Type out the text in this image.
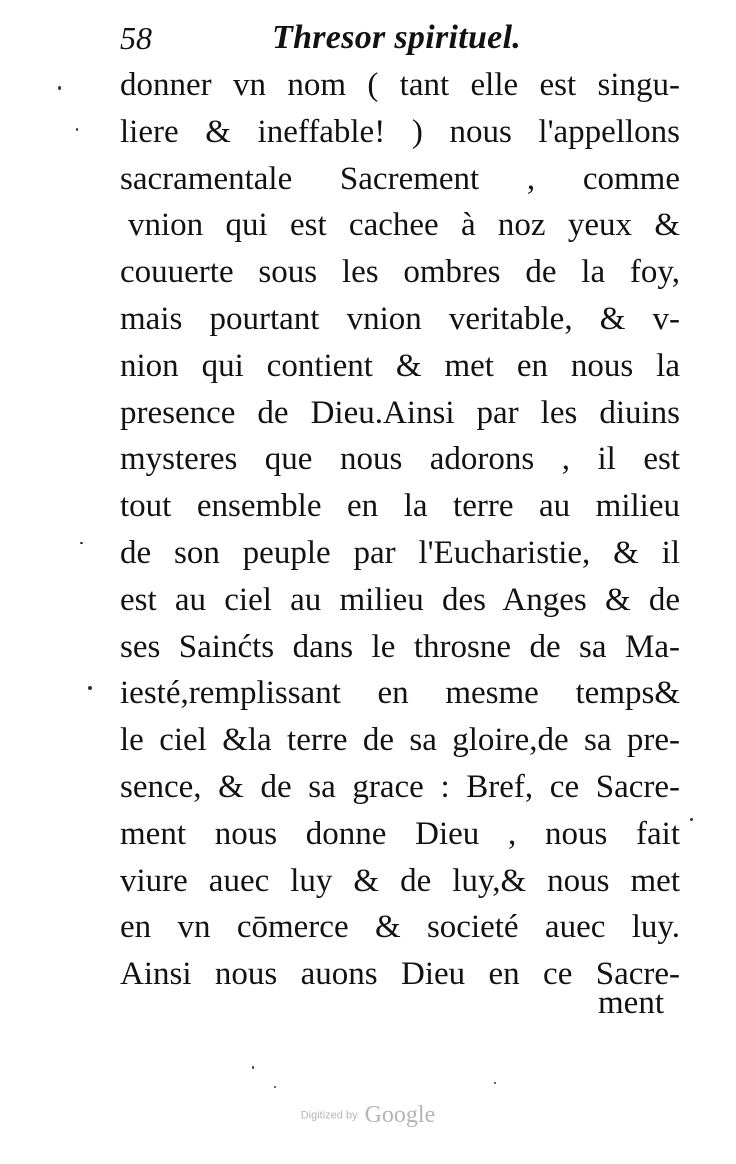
58	Thresor spirituel.
donner vn nom ( tant elle est singu-
liere & ineffable! ) nous l'appellons
sacramentale Sacrement , comme
vnion qui est cachee à noz yeux &
couuerte sous les ombres de la foy,
mais pourtant vnion veritable, & v-
nion qui contient & met en nous la
presence de Dieu.Ainsi par les diuins
mysteres que nous adorons , il est
tout ensemble en la terre au milieu
de son peuple par l'Eucharistie, & il
est au ciel au milieu des Anges & de
ses Sainćts dans le throsne de sa Ma-
iesté,remplissant en mesme temps&
le ciel &la terre de sa gloire,de sa pre-
sence, & de sa grace : Bref, ce Sacre-
ment nous donne Dieu , nous fait
viure auec luy & de luy,& nous met
en vn cōmerce & societé auec luy.
Ainsi nous auons Dieu en ce Sacre-
ment
Digitized by Google
